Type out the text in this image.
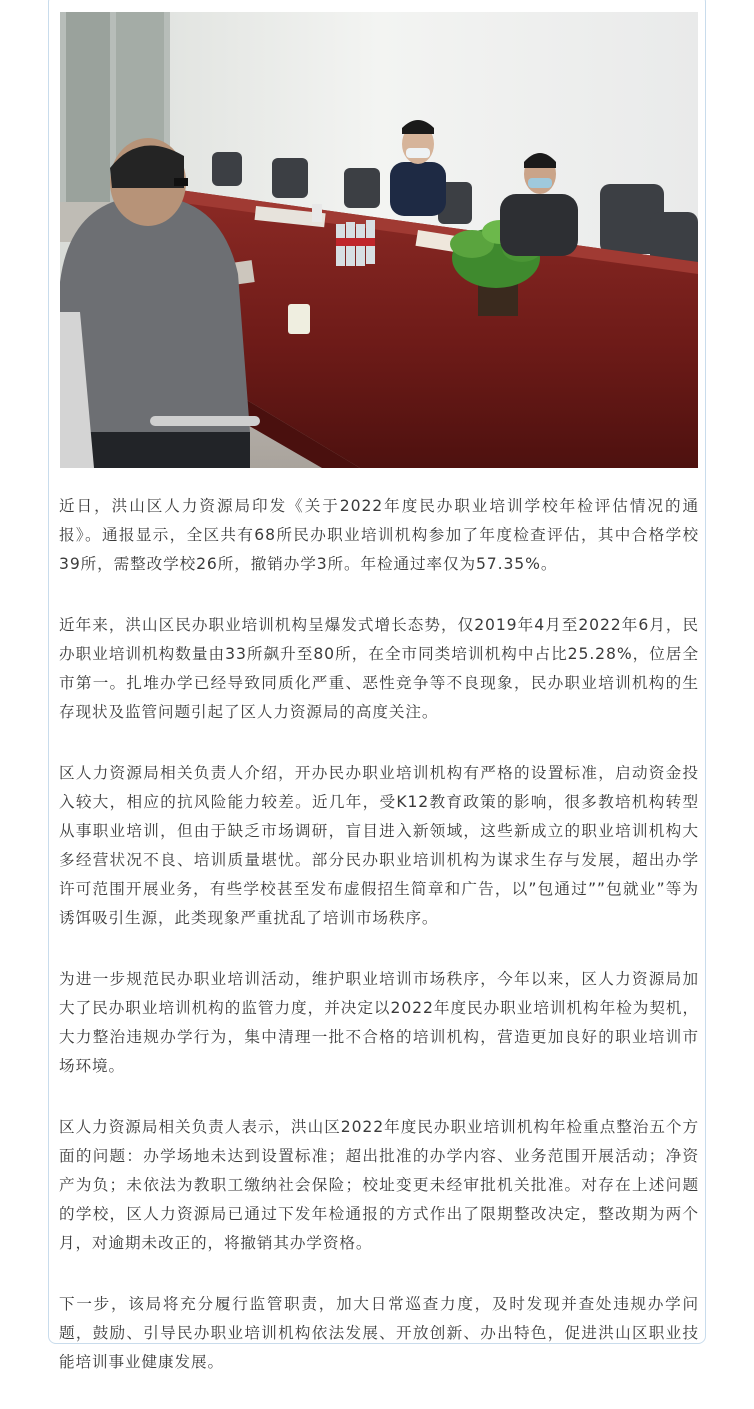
近日，洪山区人力资源局印发《关于2022年度民办职业培训学校年检评估情况的通报》。通报显示，全区共有68所民办职业培训机构参加了年度检查评估，其中合格学校39所，需整改学校26所，撤销办学3所。年检通过率仅为57.35%。

近年来，洪山区民办职业培训机构呈爆发式增长态势，仅2019年4月至2022年6月，民办职业培训机构数量由33所飙升至80所，在全市同类培训机构中占比25.28%，位居全市第一。扎堆办学已经导致同质化严重、恶性竞争等不良现象，民办职业培训机构的生存现状及监管问题引起了区人力资源局的高度关注。

区人力资源局相关负责人介绍，开办民办职业培训机构有严格的设置标准，启动资金投入较大，相应的抗风险能力较差。近几年，受K12教育政策的影响，很多教培机构转型从事职业培训，但由于缺乏市场调研，盲目进入新领域，这些新成立的职业培训机构大多经营状况不良、培训质量堪忧。部分民办职业培训机构为谋求生存与发展，超出办学许可范围开展业务，有些学校甚至发布虚假招生简章和广告，以”包通过””包就业”等为诱饵吸引生源，此类现象严重扰乱了培训市场秩序。

为进一步规范民办职业培训活动，维护职业培训市场秩序，今年以来，区人力资源局加大了民办职业培训机构的监管力度，并决定以2022年度民办职业培训机构年检为契机，大力整治违规办学行为，集中清理一批不合格的培训机构，营造更加良好的职业培训市场环境。

区人力资源局相关负责人表示，洪山区2022年度民办职业培训机构年检重点整治五个方面的问题：办学场地未达到设置标准；超出批准的办学内容、业务范围开展活动；净资产为负；未依法为教职工缴纳社会保险；校址变更未经审批机关批准。对存在上述问题的学校，区人力资源局已通过下发年检通报的方式作出了限期整改决定，整改期为两个月，对逾期未改正的，将撤销其办学资格。

下一步，该局将充分履行监管职责，加大日常巡查力度，及时发现并查处违规办学问题，鼓励、引导民办职业培训机构依法发展、开放创新、办出特色，促进洪山区职业技能培训事业健康发展。
